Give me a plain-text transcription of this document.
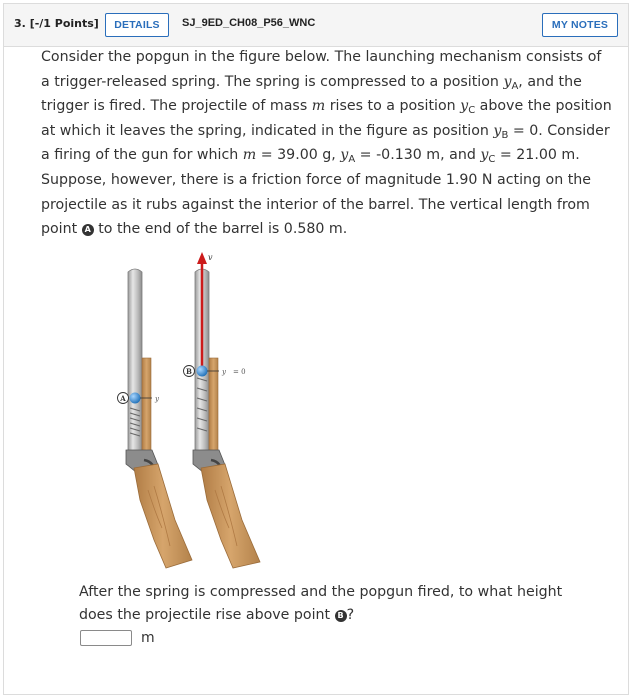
3. [-/1 Points]	DETAILS	SJ_9ED_CH08_P56_WNC	MY NOTES
Consider the popgun in the figure below. The launching mechanism consists of a trigger-released spring. The spring is compressed to a position $y_A$, and the trigger is fired. The projectile of mass m rises to a position $y_C$ above the position at which it leaves the spring, indicated in the figure as position $y_B = 0$. Consider a firing of the gun for which m = 39.00 g, $y_A = -0.130$ m, and $y_C = 21.00$ m. Suppose, however, there is a friction force of magnitude 1.90 N acting on the projectile as it rubs against the interior of the barrel. The vertical length from point A to the end of the barrel is 0.580 m.
A	y
v
B	y = 0
After the spring is compressed and the popgun fired, to what height does the projectile rise above point B ?
m
